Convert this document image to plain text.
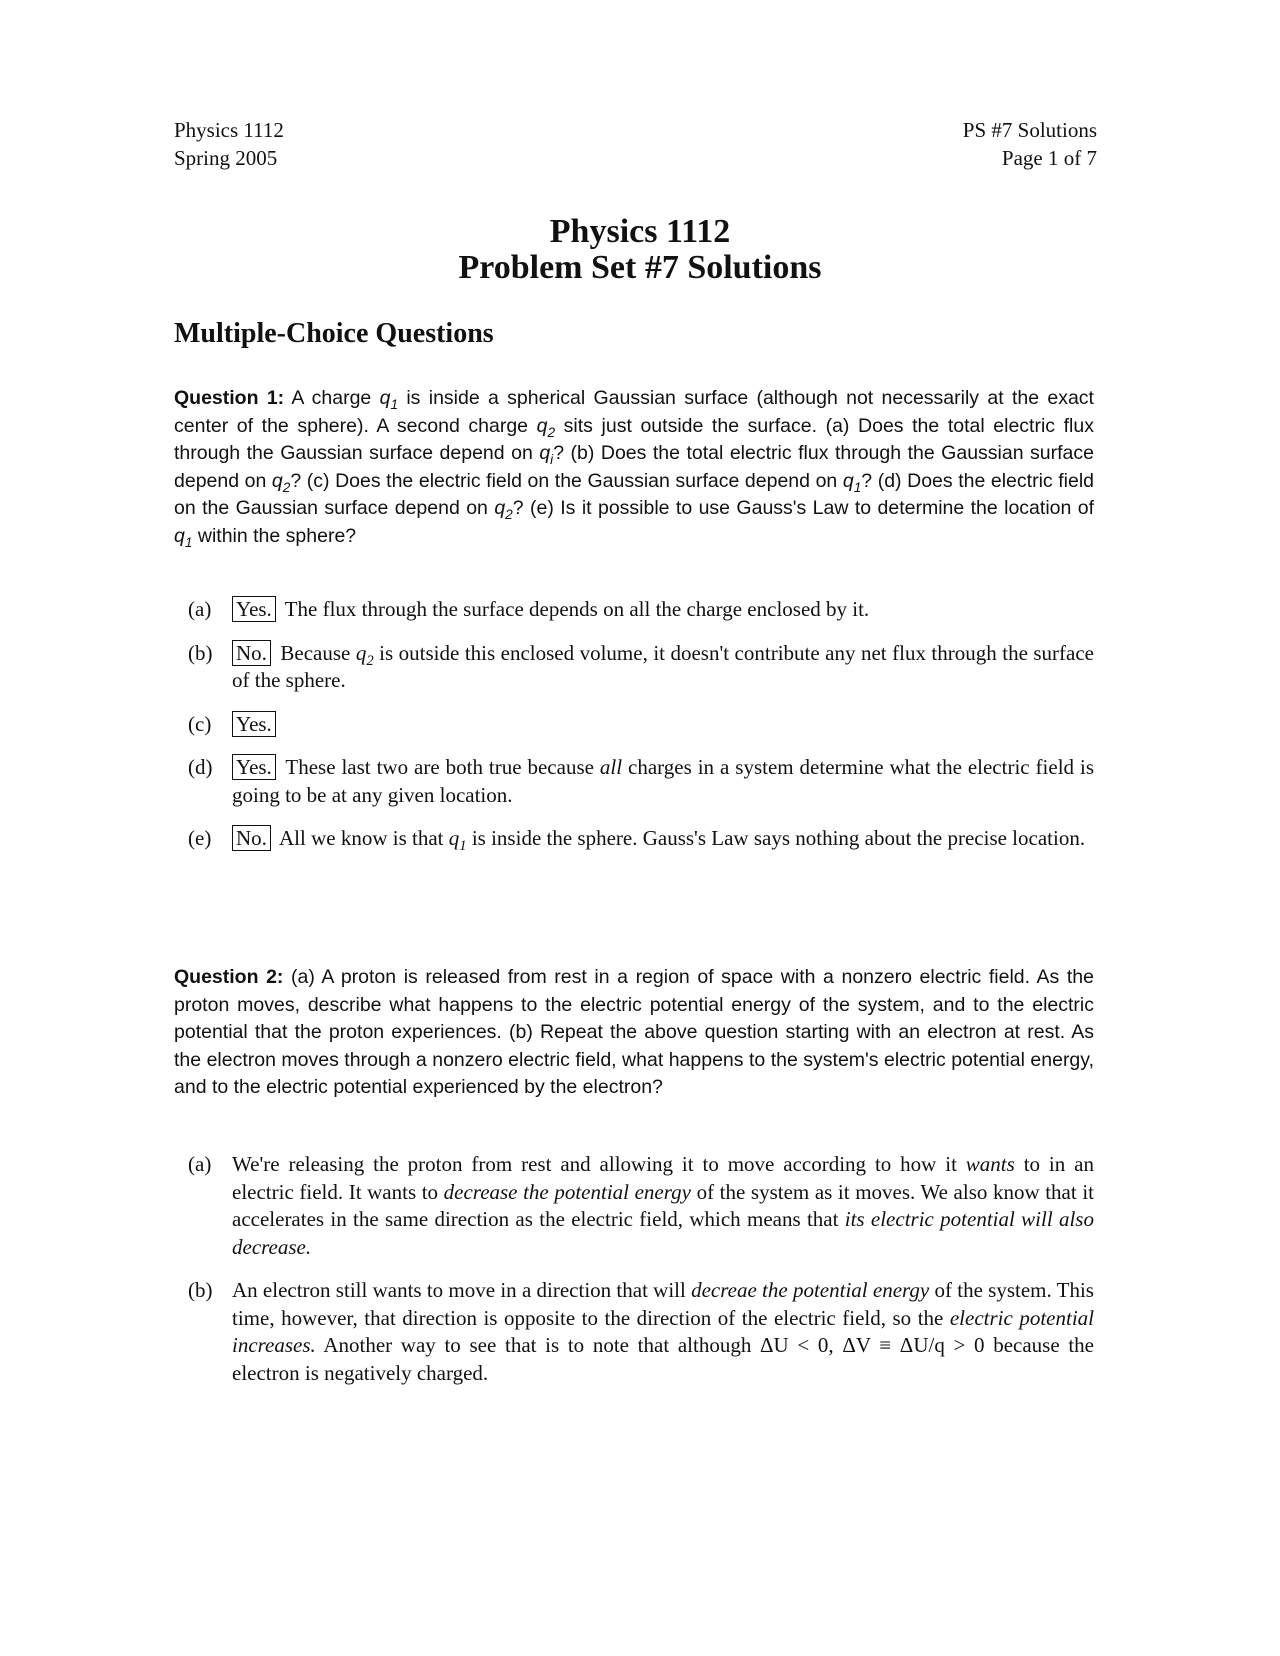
Physics 1112
Spring 2005
PS #7 Solutions
Page 1 of 7
Physics 1112
Problem Set #7 Solutions
Multiple-Choice Questions
Question 1: A charge $q_1$ is inside a spherical Gaussian surface (although not necessarily at the exact center of the sphere). A second charge $q_2$ sits just outside the surface. (a) Does the total electric flux through the Gaussian surface depend on $q_i$? (b) Does the total electric flux through the Gaussian surface depend on $q_2$? (c) Does the electric field on the Gaussian surface depend on $q_1$? (d) Does the electric field on the Gaussian surface depend on $q_2$? (e) Is it possible to use Gauss's Law to determine the location of $q_1$ within the sphere?
(a) Yes. The flux through the surface depends on all the charge enclosed by it.
(b) No. Because $q_2$ is outside this enclosed volume, it doesn't contribute any net flux through the surface of the sphere.
(c) Yes.
(d) Yes. These last two are both true because all charges in a system determine what the electric field is going to be at any given location.
(e) No. All we know is that $q_1$ is inside the sphere. Gauss's Law says nothing about the precise location.
Question 2: (a) A proton is released from rest in a region of space with a nonzero electric field. As the proton moves, describe what happens to the electric potential energy of the system, and to the electric potential that the proton experiences. (b) Repeat the above question starting with an electron at rest. As the electron moves through a nonzero electric field, what happens to the system's electric potential energy, and to the electric potential experienced by the electron?
(a) We're releasing the proton from rest and allowing it to move according to how it wants to in an electric field. It wants to decrease the potential energy of the system as it moves. We also know that it accelerates in the same direction as the electric field, which means that its electric potential will also decrease.
(b) An electron still wants to move in a direction that will decreae the potential energy of the system. This time, however, that direction is opposite to the direction of the electric field, so the electric potential increases. Another way to see that is to note that although ΔU < 0, ΔV ≡ ΔU/q > 0 because the electron is negatively charged.
